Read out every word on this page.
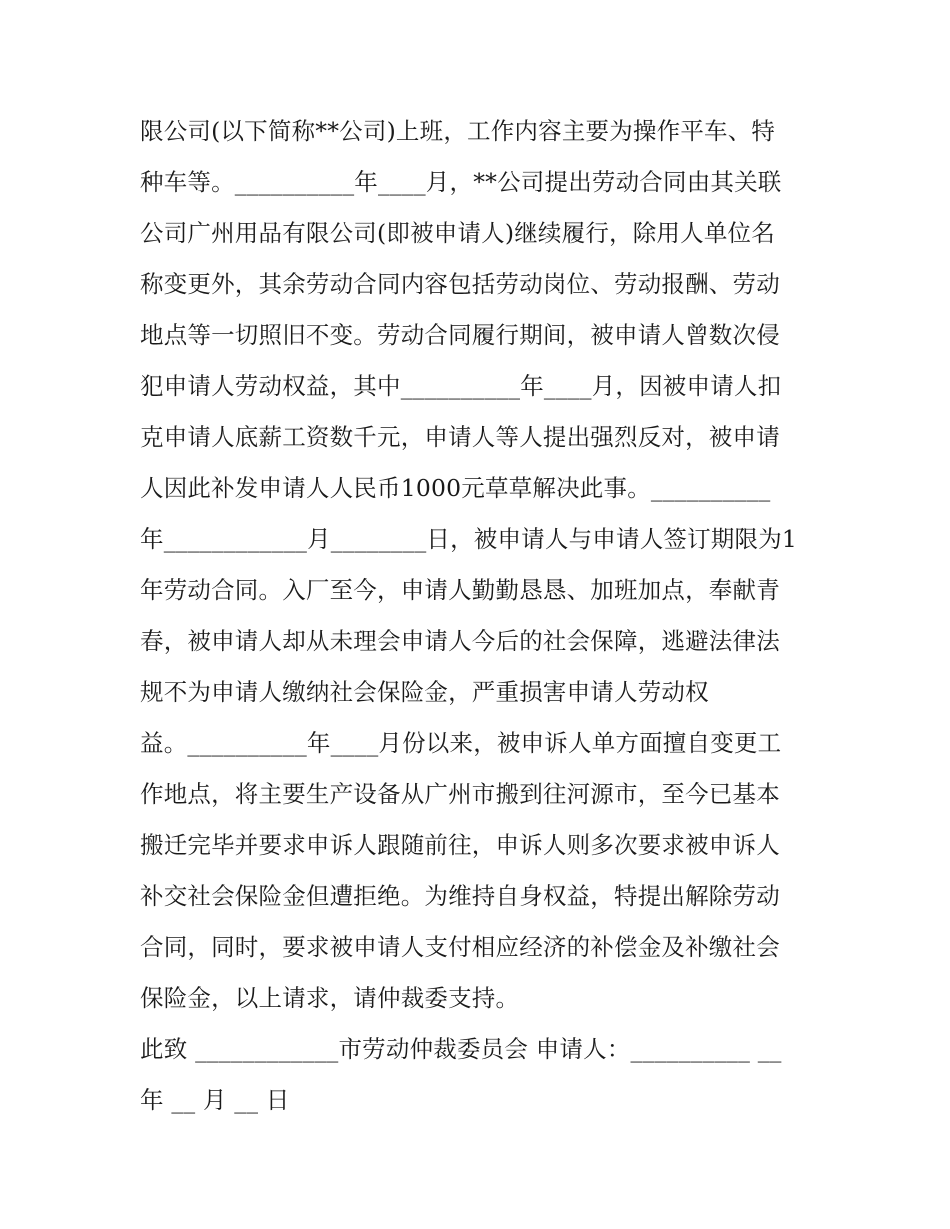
限公司(以下简称**公司)上班，工作内容主要为操作平车、特
种车等。__________年____月，**公司提出劳动合同由其关联
公司广州用品有限公司(即被申请人)继续履行，除用人单位名
称变更外，其余劳动合同内容包括劳动岗位、劳动报酬、劳动
地点等一切照旧不变。劳动合同履行期间，被申请人曾数次侵
犯申请人劳动权益，其中__________年____月，因被申请人扣
克申请人底薪工资数千元，申请人等人提出强烈反对，被申请
人因此补发申请人人民币1000元草草解决此事。__________
年____________月________日，被申请人与申请人签订期限为1
年劳动合同。入厂至今，申请人勤勤恳恳、加班加点，奉献青
春，被申请人却从未理会申请人今后的社会保障，逃避法律法
规不为申请人缴纳社会保险金，严重损害申请人劳动权
益。__________年____月份以来，被申诉人单方面擅自变更工
作地点，将主要生产设备从广州市搬到往河源市，至今已基本
搬迁完毕并要求申诉人跟随前往，申诉人则多次要求被申诉人
补交社会保险金但遭拒绝。为维持自身权益，特提出解除劳动
合同，同时，要求被申请人支付相应经济的补偿金及补缴社会
保险金，以上请求，请仲裁委支持。
此致 ____________市劳动仲裁委员会 申请人：__________ __
年 __ 月 __ 日
